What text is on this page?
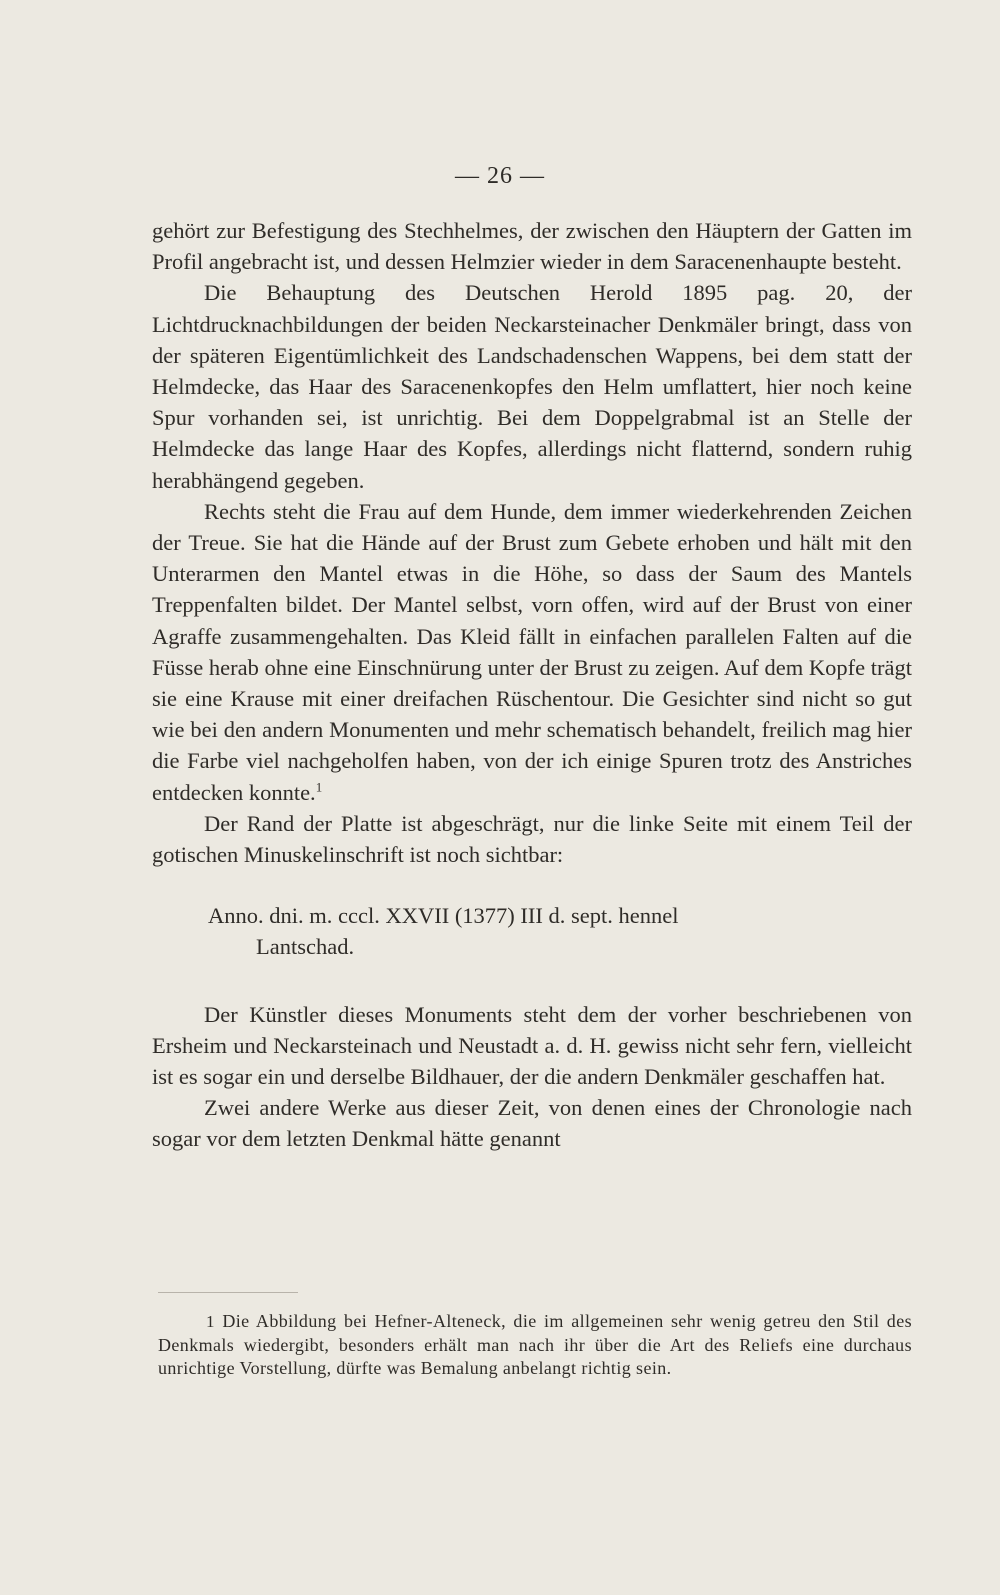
— 26 —

gehört zur Befestigung des Stechhelmes, der zwischen den Häuptern der Gatten im Profil angebracht ist, und dessen Helmzier wieder in dem Saracenenhaupte besteht.

Die Behauptung des Deutschen Herold 1895 pag. 20, der Lichtdrucknachbildungen der beiden Neckarsteinacher Denkmäler bringt, dass von der späteren Eigentümlichkeit des Landschadenschen Wappens, bei dem statt der Helmdecke, das Haar des Saracenenkopfes den Helm umflattert, hier noch keine Spur vorhanden sei, ist unrichtig. Bei dem Doppelgrabmal ist an Stelle der Helmdecke das lange Haar des Kopfes, allerdings nicht flatternd, sondern ruhig herabhängend gegeben.

Rechts steht die Frau auf dem Hunde, dem immer wiederkehrenden Zeichen der Treue. Sie hat die Hände auf der Brust zum Gebete erhoben und hält mit den Unterarmen den Mantel etwas in die Höhe, so dass der Saum des Mantels Treppenfalten bildet. Der Mantel selbst, vorn offen, wird auf der Brust von einer Agraffe zusammengehalten. Das Kleid fällt in einfachen parallelen Falten auf die Füsse herab ohne eine Einschnürung unter der Brust zu zeigen. Auf dem Kopfe trägt sie eine Krause mit einer dreifachen Rüschentour. Die Gesichter sind nicht so gut wie bei den andern Monumenten und mehr schematisch behandelt, freilich mag hier die Farbe viel nachgeholfen haben, von der ich einige Spuren trotz des Anstriches entdecken konnte.$^1$

Der Rand der Platte ist abgeschrägt, nur die linke Seite mit einem Teil der gotischen Minuskelinschrift ist noch sichtbar:

Anno. dni. m. cccl. XXVII (1377) III d. sept. hennel
Lantschad.

Der Künstler dieses Monuments steht dem der vorher beschriebenen von Ersheim und Neckarsteinach und Neustadt a. d. H. gewiss nicht sehr fern, vielleicht ist es sogar ein und derselbe Bildhauer, der die andern Denkmäler geschaffen hat.

Zwei andere Werke aus dieser Zeit, von denen eines der Chronologie nach sogar vor dem letzten Denkmal hätte genannt

1 Die Abbildung bei Hefner-Alteneck, die im allgemeinen sehr wenig getreu den Stil des Denkmals wiedergibt, besonders erhält man nach ihr über die Art des Reliefs eine durchaus unrichtige Vorstellung, dürfte was Bemalung anbelangt richtig sein.
